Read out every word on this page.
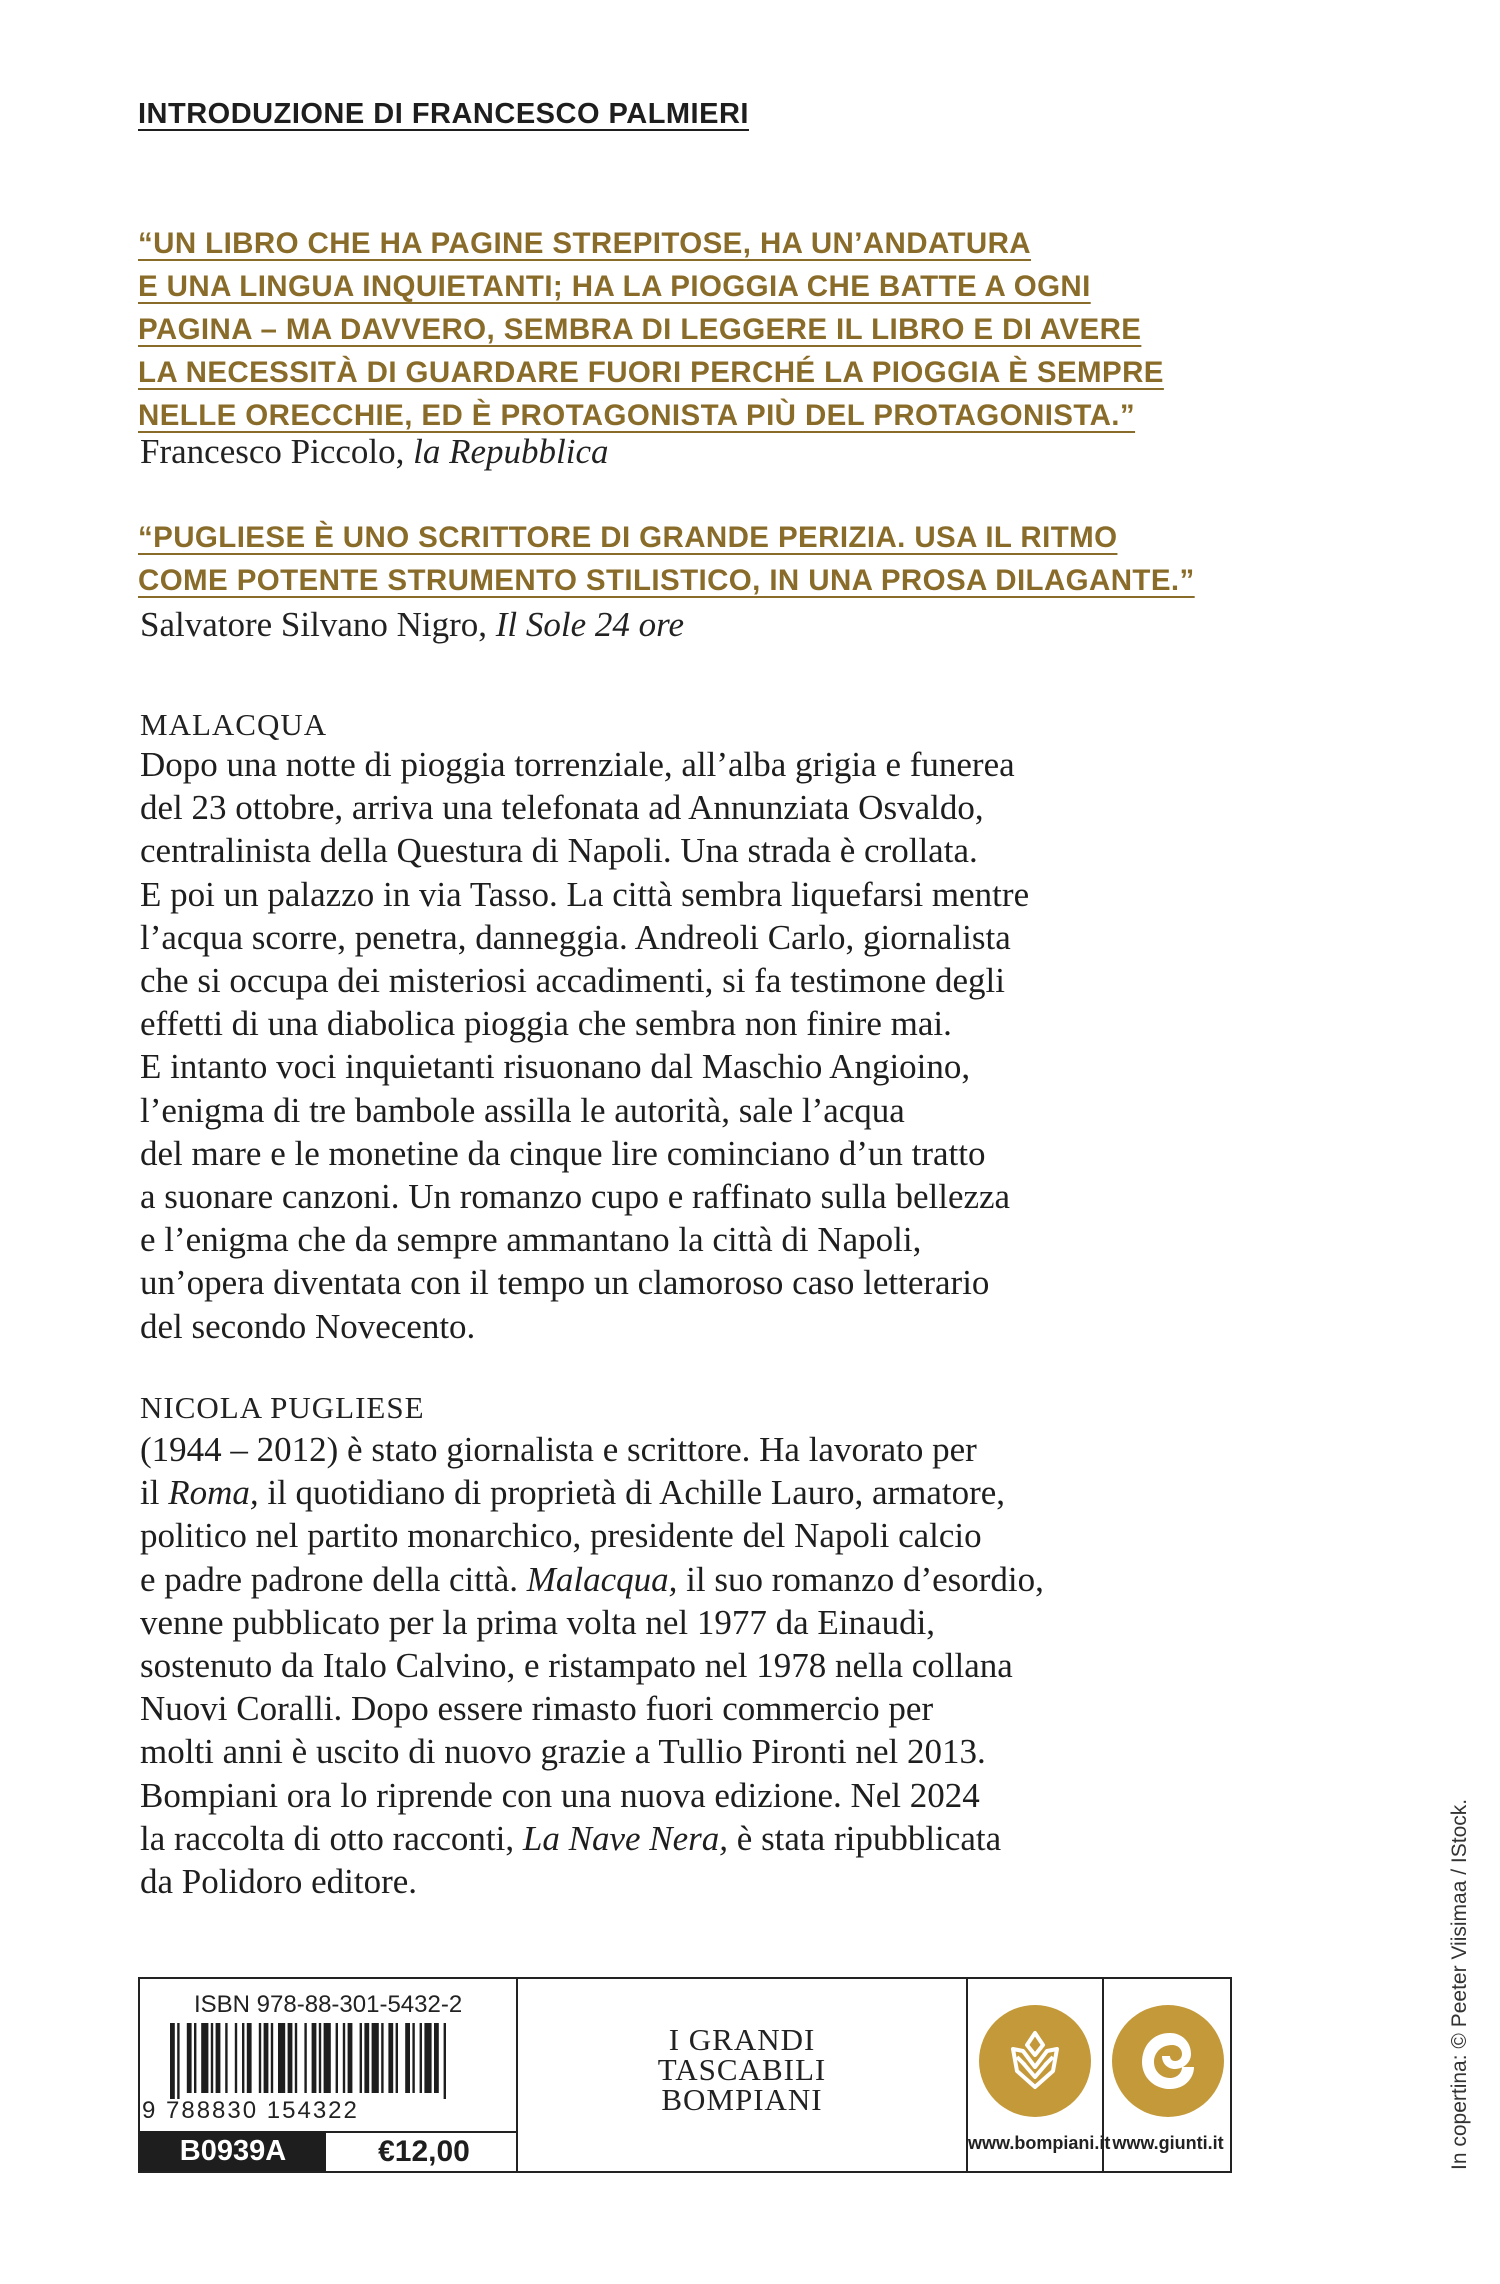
INTRODUZIONE DI FRANCESCO PALMIERI
“UN LIBRO CHE HA PAGINE STREPITOSE, HA UN’ANDATURA
E UNA LINGUA INQUIETANTI; HA LA PIOGGIA CHE BATTE A OGNI
PAGINA – MA DAVVERO, SEMBRA DI LEGGERE IL LIBRO E DI AVERE
LA NECESSITÀ DI GUARDARE FUORI PERCHÉ LA PIOGGIA È SEMPRE
NELLE ORECCHIE, ED È PROTAGONISTA PIÙ DEL PROTAGONISTA.”
Francesco Piccolo, la Repubblica
“PUGLIESE È UNO SCRITTORE DI GRANDE PERIZIA. USA IL RITMO
COME POTENTE STRUMENTO STILISTICO, IN UNA PROSA DILAGANTE.”
Salvatore Silvano Nigro, Il Sole 24 ore
MALACQUA
Dopo una notte di pioggia torrenziale, all’alba grigia e funerea
del 23 ottobre, arriva una telefonata ad Annunziata Osvaldo,
centralinista della Questura di Napoli. Una strada è crollata.
E poi un palazzo in via Tasso. La città sembra liquefarsi mentre
l’acqua scorre, penetra, danneggia. Andreoli Carlo, giornalista
che si occupa dei misteriosi accadimenti, si fa testimone degli
effetti di una diabolica pioggia che sembra non finire mai.
E intanto voci inquietanti risuonano dal Maschio Angioino,
l’enigma di tre bambole assilla le autorità, sale l’acqua
del mare e le monetine da cinque lire cominciano d’un tratto
a suonare canzoni. Un romanzo cupo e raffinato sulla bellezza
e l’enigma che da sempre ammantano la città di Napoli,
un’opera diventata con il tempo un clamoroso caso letterario
del secondo Novecento.
NICOLA PUGLIESE
(1944 – 2012) è stato giornalista e scrittore. Ha lavorato per
il Roma, il quotidiano di proprietà di Achille Lauro, armatore,
politico nel partito monarchico, presidente del Napoli calcio
e padre padrone della città. Malacqua, il suo romanzo d’esordio,
venne pubblicato per la prima volta nel 1977 da Einaudi,
sostenuto da Italo Calvino, e ristampato nel 1978 nella collana
Nuovi Coralli. Dopo essere rimasto fuori commercio per
molti anni è uscito di nuovo grazie a Tullio Pironti nel 2013.
Bompiani ora lo riprende con una nuova edizione. Nel 2024
la raccolta di otto racconti, La Nave Nera, è stata ripubblicata
da Polidoro editore.	In copertina: © Peeter Viisimaa / IStock.
ISBN 978-88-301-5432-2
9 788830 154322
B0939A	€12,00
I GRANDI
TASCABILI
BOMPIANI
www.bompiani.it www.giunti.it
